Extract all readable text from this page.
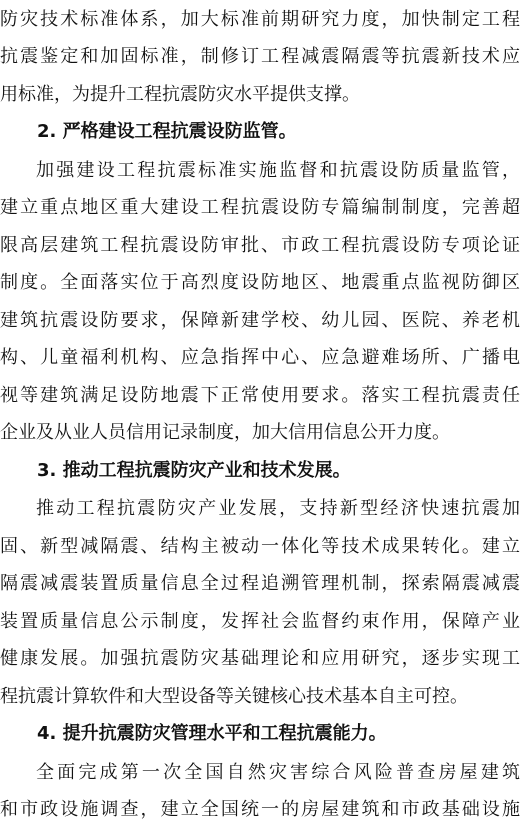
防灾技术标准体系，加大标准前期研究力度，加快制定工程
抗震鉴定和加固标准，制修订工程减震隔震等抗震新技术应
用标准，为提升工程抗震防灾水平提供支撑。
2. 严格建设工程抗震设防监管。
加强建设工程抗震标准实施监督和抗震设防质量监管，
建立重点地区重大建设工程抗震设防专篇编制制度，完善超
限高层建筑工程抗震设防审批、市政工程抗震设防专项论证
制度。全面落实位于高烈度设防地区、地震重点监视防御区
建筑抗震设防要求，保障新建学校、幼儿园、医院、养老机
构、儿童福利机构、应急指挥中心、应急避难场所、广播电
视等建筑满足设防地震下正常使用要求。落实工程抗震责任
企业及从业人员信用记录制度，加大信用信息公开力度。
3. 推动工程抗震防灾产业和技术发展。
推动工程抗震防灾产业发展，支持新型经济快速抗震加
固、新型减隔震、结构主被动一体化等技术成果转化。建立
隔震减震装置质量信息全过程追溯管理机制，探索隔震减震
装置质量信息公示制度，发挥社会监督约束作用，保障产业
健康发展。加强抗震防灾基础理论和应用研究，逐步实现工
程抗震计算软件和大型设备等关键核心技术基本自主可控。
4. 提升抗震防灾管理水平和工程抗震能力。
全面完成第一次全国自然灾害综合风险普查房屋建筑
和市政设施调查，建立全国统一的房屋建筑和市政基础设施
